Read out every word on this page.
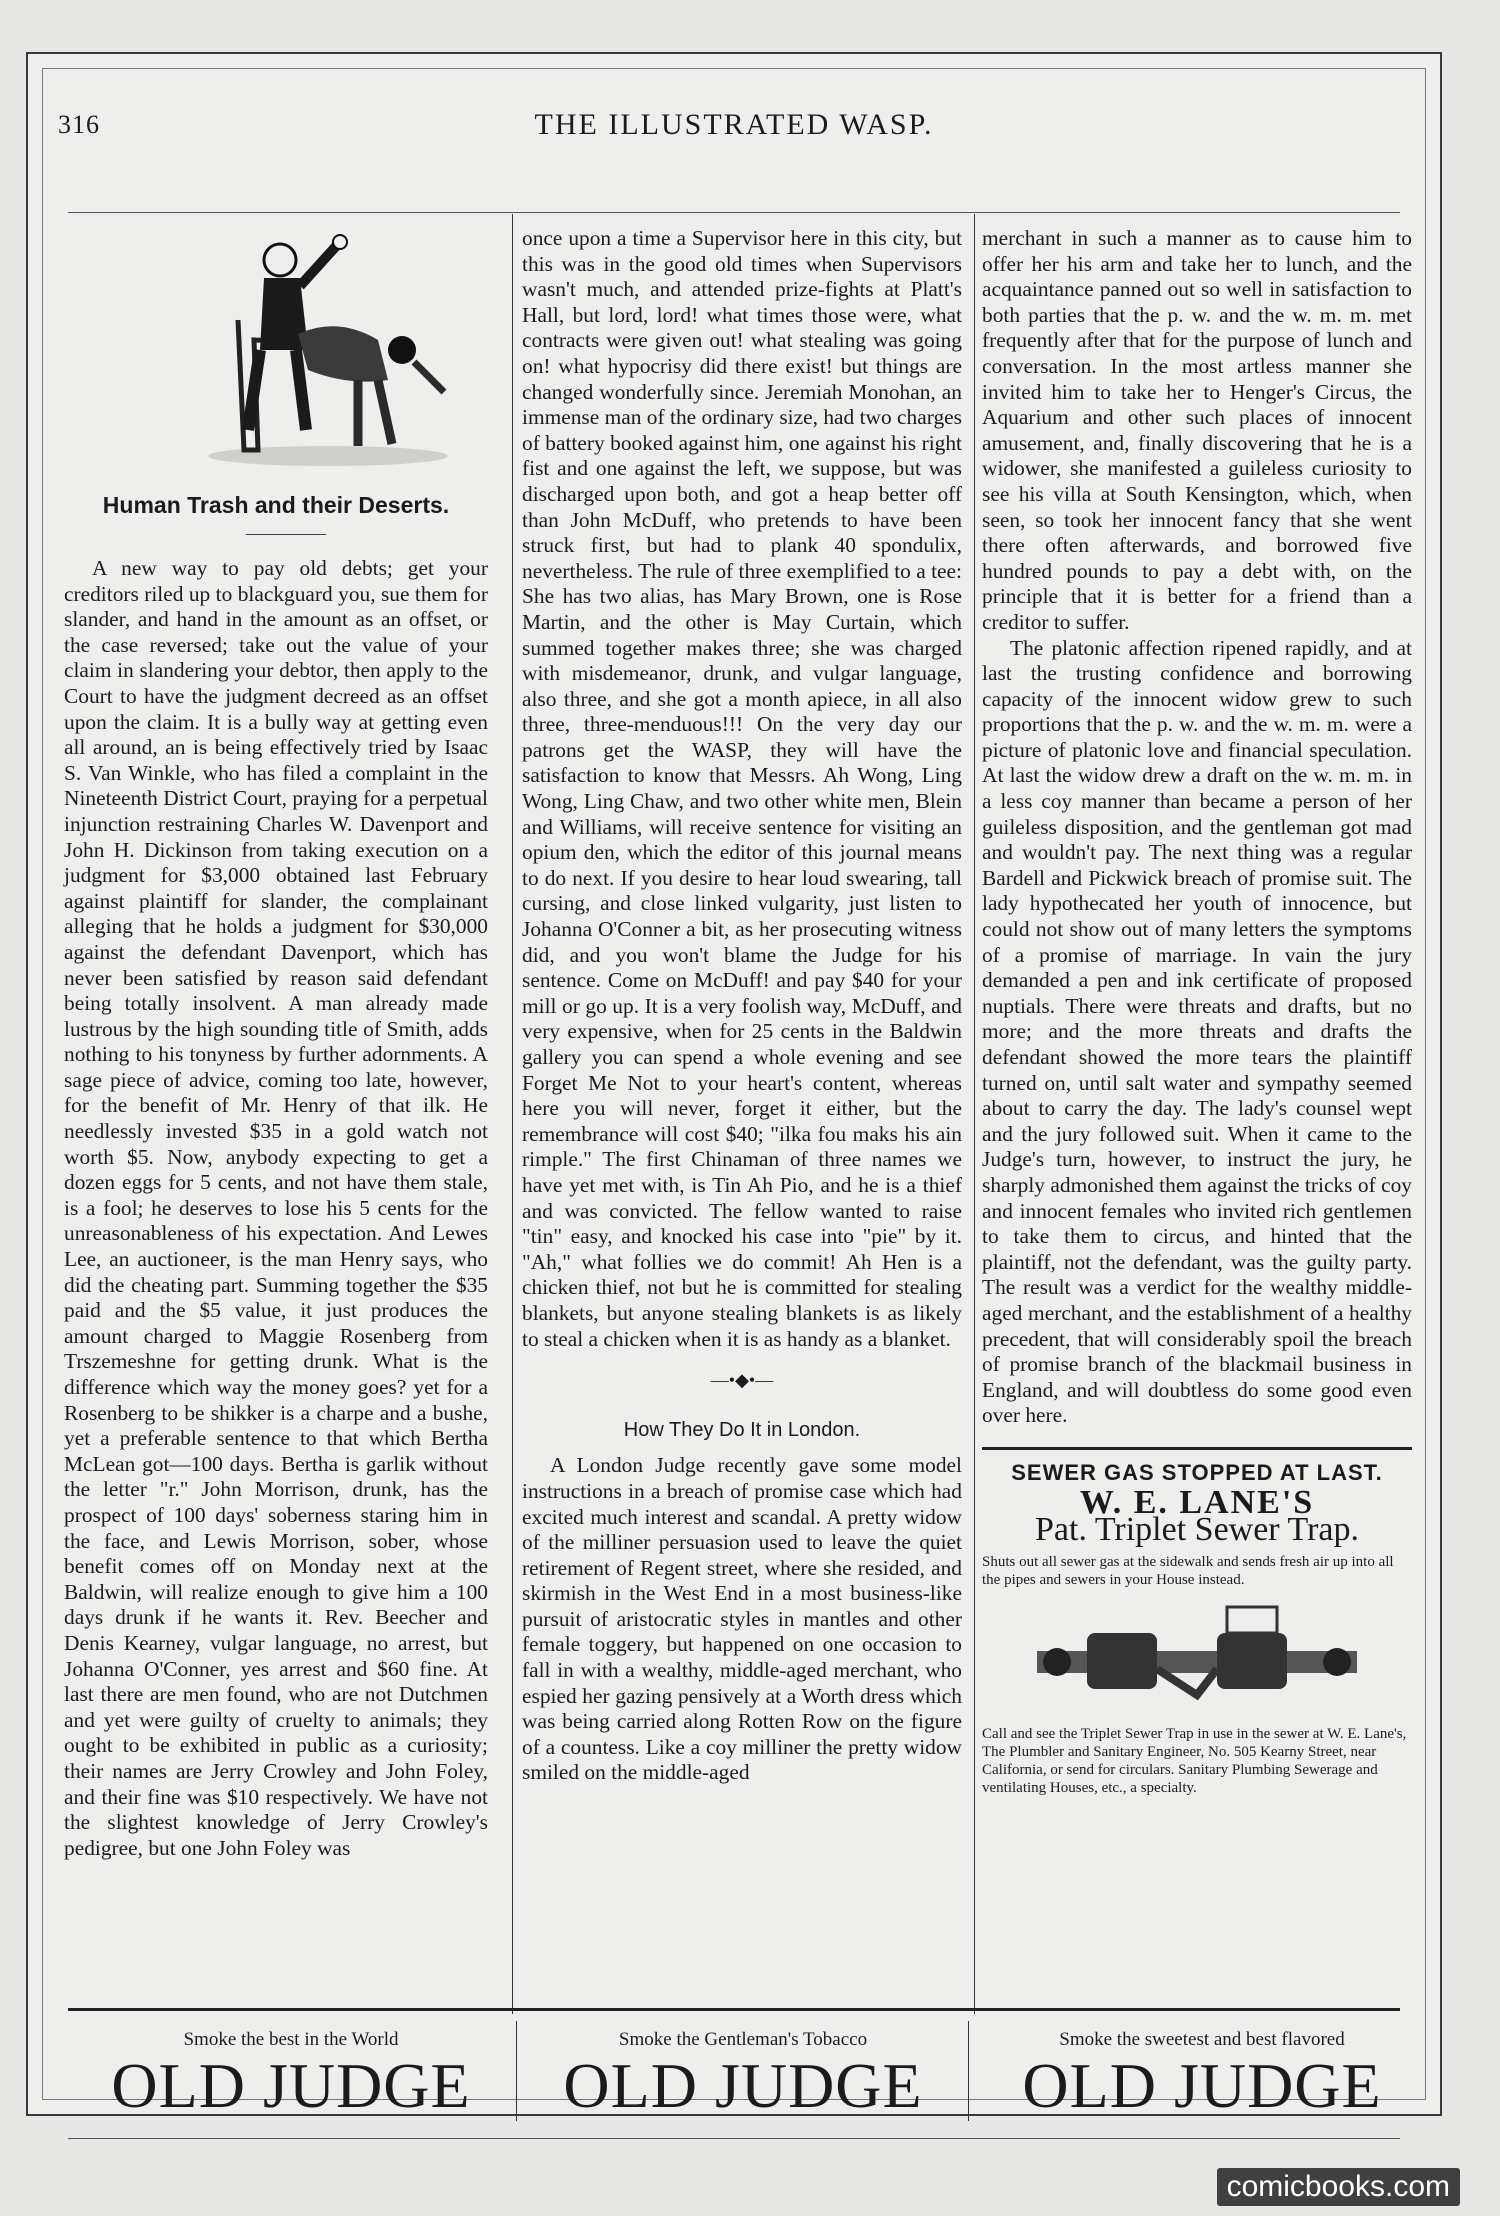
316	THE ILLUSTRATED WASP.
Human Trash and their Deserts.

A new way to pay old debts; get your creditors riled up to blackguard you, sue them for slander, and hand in the amount as an offset, or the case reversed; take out the value of your claim in slandering your debtor, then apply to the Court to have the judgment decreed as an offset upon the claim. It is a bully way at getting even all around, an is being effectively tried by Isaac S. Van Winkle, who has filed a complaint in the Nineteenth District Court, praying for a perpetual injunction restraining Charles W. Davenport and John H. Dickinson from taking execution on a judgment for $3,000 obtained last February against plaintiff for slander, the complainant alleging that he holds a judgment for $30,000 against the defendant Davenport, which has never been satisfied by reason said defendant being totally insolvent. A man already made lustrous by the high sounding title of Smith, adds nothing to his tonyness by further adornments. A sage piece of advice, coming too late, however, for the benefit of Mr. Henry of that ilk. He needlessly invested $35 in a gold watch not worth $5. Now, anybody expecting to get a dozen eggs for 5 cents, and not have them stale, is a fool; he deserves to lose his 5 cents for the unreasonableness of his expectation. And Lewes Lee, an auctioneer, is the man Henry says, who did the cheating part. Summing together the $35 paid and the $5 value, it just produces the amount charged to Maggie Rosenberg from Trszemeshne for getting drunk. What is the difference which way the money goes? yet for a Rosenberg to be shikker is a charpe and a bushe, yet a preferable sentence to that which Bertha McLean got—100 days. Bertha is garlik without the letter "r." John Morrison, drunk, has the prospect of 100 days' soberness staring him in the face, and Lewis Morrison, sober, whose benefit comes off on Monday next at the Baldwin, will realize enough to give him a 100 days drunk if he wants it. Rev. Beecher and Denis Kearney, vulgar language, no arrest, but Johanna O'Conner, yes arrest and $60 fine. At last there are men found, who are not Dutchmen and yet were guilty of cruelty to animals; they ought to be exhibited in public as a curiosity; their names are Jerry Crowley and John Foley, and their fine was $10 respectively. We have not the slightest knowledge of Jerry Crowley's pedigree, but one John Foley was

once upon a time a Supervisor here in this city, but this was in the good old times when Supervisors wasn't much, and attended prize-fights at Platt's Hall, but lord, lord! what times those were, what contracts were given out! what stealing was going on! what hypocrisy did there exist! but things are changed wonderfully since. Jeremiah Monohan, an immense man of the ordinary size, had two charges of battery booked against him, one against his right fist and one against the left, we suppose, but was discharged upon both, and got a heap better off than John McDuff, who pretends to have been struck first, but had to plank 40 spondulix, nevertheless. The rule of three exemplified to a tee: She has two alias, has Mary Brown, one is Rose Martin, and the other is May Curtain, which summed together makes three; she was charged with misdemeanor, drunk, and vulgar language, also three, and she got a month apiece, in all also three, three-menduous!!! On the very day our patrons get the WASP, they will have the satisfaction to know that Messrs. Ah Wong, Ling Wong, Ling Chaw, and two other white men, Blein and Williams, will receive sentence for visiting an opium den, which the editor of this journal means to do next. If you desire to hear loud swearing, tall cursing, and close linked vulgarity, just listen to Johanna O'Conner a bit, as her prosecuting witness did, and you won't blame the Judge for his sentence. Come on McDuff! and pay $40 for your mill or go up. It is a very foolish way, McDuff, and very expensive, when for 25 cents in the Baldwin gallery you can spend a whole evening and see Forget Me Not to your heart's content, whereas here you will never, forget it either, but the remembrance will cost $40; "ilka fou maks his ain rimple." The first Chinaman of three names we have yet met with, is Tin Ah Pio, and he is a thief and was convicted. The fellow wanted to raise "tin" easy, and knocked his case into "pie" by it. "Ah," what follies we do commit! Ah Hen is a chicken thief, not but he is committed for stealing blankets, but anyone stealing blankets is as likely to steal a chicken when it is as handy as a blanket.

—•◆•—
How They Do It in London.

A London Judge recently gave some model instructions in a breach of promise case which had excited much interest and scandal. A pretty widow of the milliner persuasion used to leave the quiet retirement of Regent street, where she resided, and skirmish in the West End in a most business-like pursuit of aristocratic styles in mantles and other female toggery, but happened on one occasion to fall in with a wealthy, middle-aged merchant, who espied her gazing pensively at a Worth dress which was being carried along Rotten Row on the figure of a countess. Like a coy milliner the pretty widow smiled on the middle-aged

merchant in such a manner as to cause him to offer her his arm and take her to lunch, and the acquaintance panned out so well in satisfaction to both parties that the p. w. and the w. m. m. met frequently after that for the purpose of lunch and conversation. In the most artless manner she invited him to take her to Henger's Circus, the Aquarium and other such places of innocent amusement, and, finally discovering that he is a widower, she manifested a guileless curiosity to see his villa at South Kensington, which, when seen, so took her innocent fancy that she went there often afterwards, and borrowed five hundred pounds to pay a debt with, on the principle that it is better for a friend than a creditor to suffer.

The platonic affection ripened rapidly, and at last the trusting confidence and borrowing capacity of the innocent widow grew to such proportions that the p. w. and the w. m. m. were a picture of platonic love and financial speculation. At last the widow drew a draft on the w. m. m. in a less coy manner than became a person of her guileless disposition, and the gentleman got mad and wouldn't pay. The next thing was a regular Bardell and Pickwick breach of promise suit. The lady hypothecated her youth of innocence, but could not show out of many letters the symptoms of a promise of marriage. In vain the jury demanded a pen and ink certificate of proposed nuptials. There were threats and drafts, but no more; and the more threats and drafts the defendant showed the more tears the plaintiff turned on, until salt water and sympathy seemed about to carry the day. The lady's counsel wept and the jury followed suit. When it came to the Judge's turn, however, to instruct the jury, he sharply admonished them against the tricks of coy and innocent females who invited rich gentlemen to take them to circus, and hinted that the plaintiff, not the defendant, was the guilty party. The result was a verdict for the wealthy middle-aged merchant, and the establishment of a healthy precedent, that will considerably spoil the breach of promise branch of the blackmail business in England, and will doubtless do some good even over here.

SEWER GAS STOPPED AT LAST.
W. E. LANE'S
Pat. Triplet Sewer Trap.
Shuts out all sewer gas at the sidewalk and sends fresh air up into all the pipes and sewers in your House instead.
Call and see the Triplet Sewer Trap in use in the sewer at W. E. Lane's, The Plumbler and Sanitary Engineer, No. 505 Kearny Street, near California, or send for circulars. Sanitary Plumbing Sewerage and ventilating Houses, etc., a specialty.
Smoke the best in the World
OLD JUDGE
Smoke the Gentleman's Tobacco
OLD JUDGE
Smoke the sweetest and best flavored
OLD JUDGE
comicbooks.com
